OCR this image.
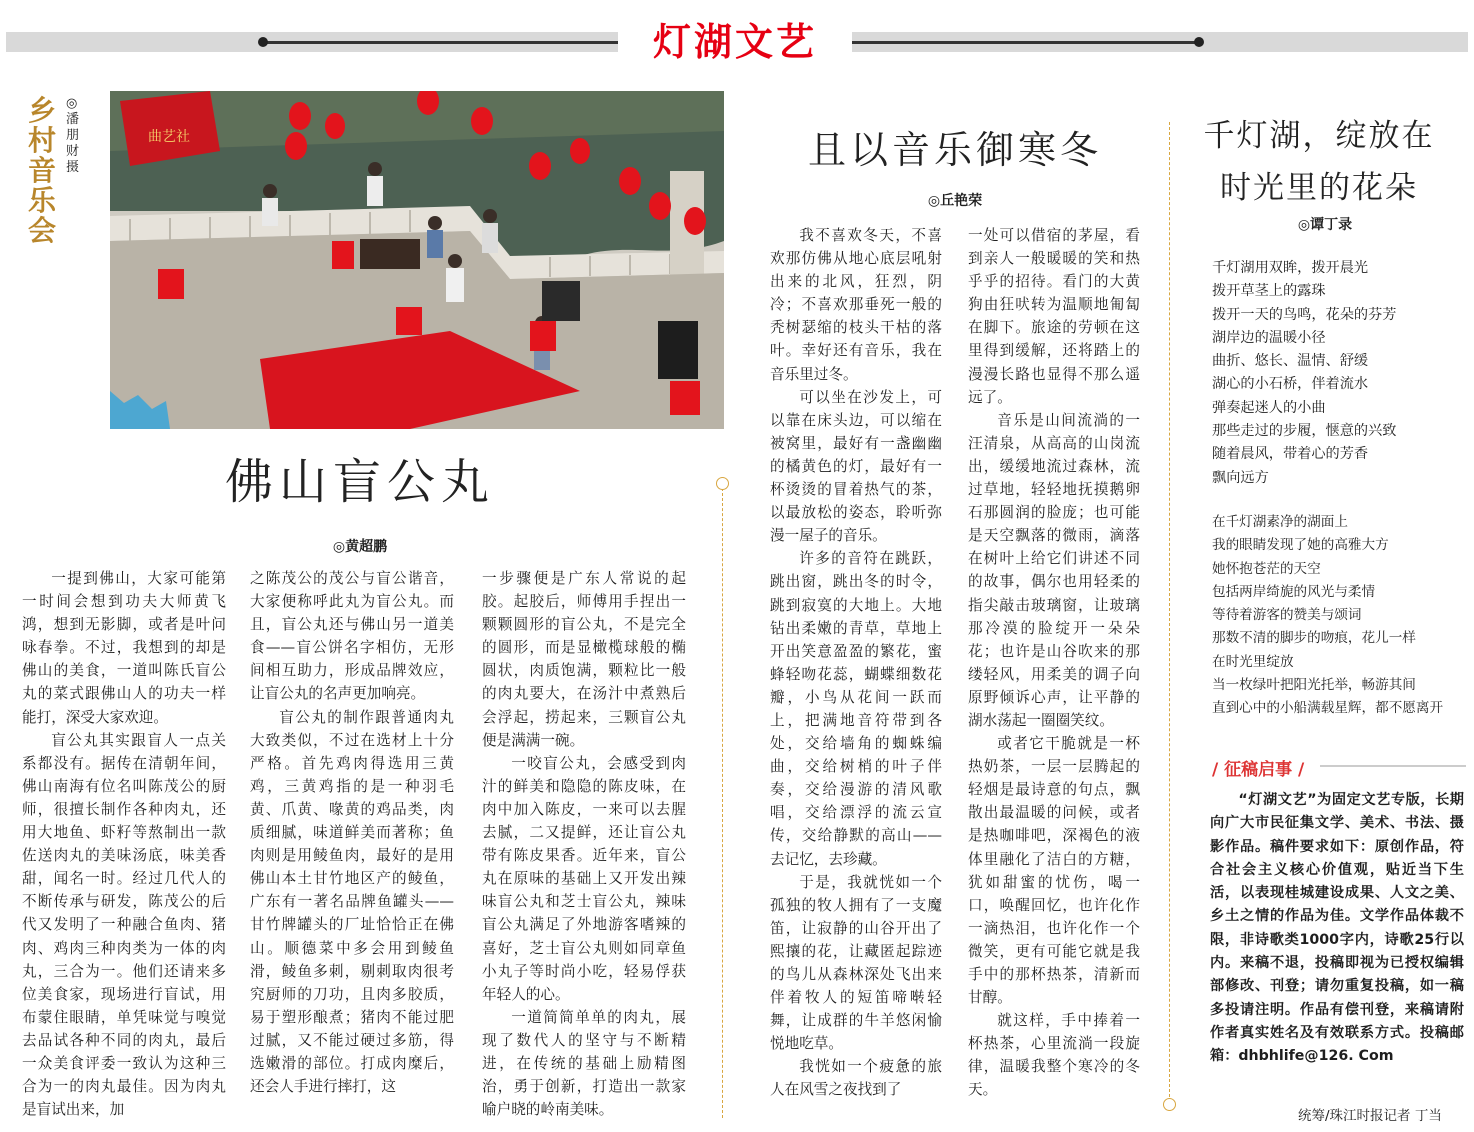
灯湖文艺
乡村音乐会
◎潘朋财 摄
曲艺社
佛山盲公丸
◎黄超鹏

一提到佛山，大家可能第一时间会想到功夫大师黄飞鸿，想到无影脚，或者是叶问咏春拳。不过，我想到的却是佛山的美食，一道叫陈氏盲公丸的菜式跟佛山人的功夫一样能打，深受大家欢迎。

盲公丸其实跟盲人一点关系都没有。据传在清朝年间，佛山南海有位名叫陈茂公的厨师，很擅长制作各种肉丸，还用大地鱼、虾籽等熬制出一款佐送肉丸的美味汤底，味美香甜，闻名一时。经过几代人的不断传承与研发，陈茂公的后代又发明了一种融合鱼肉、猪肉、鸡肉三种肉类为一体的肉丸，三合为一。他们还请来多位美食家，现场进行盲试，用布蒙住眼睛，单凭味觉与嗅觉去品试各种不同的肉丸，最后一众美食评委一致认为这种三合为一的肉丸最佳。因为肉丸是盲试出来，加

之陈茂公的茂公与盲公谐音，大家便称呼此丸为盲公丸。而且，盲公丸还与佛山另一道美食——盲公饼名字相仿，无形间相互助力，形成品牌效应，让盲公丸的名声更加响亮。

盲公丸的制作跟普通肉丸大致类似，不过在选材上十分严格。首先鸡肉得选用三黄鸡，三黄鸡指的是一种羽毛黄、爪黄、喙黄的鸡品类，肉质细腻，味道鲜美而著称；鱼肉则是用鲮鱼肉，最好的是用佛山本土甘竹地区产的鲮鱼，广东有一著名品牌鱼罐头——甘竹牌罐头的厂址恰恰正在佛山。顺德菜中多会用到鲮鱼滑，鲮鱼多刺，剔刺取肉很考究厨师的刀功，且肉多胶质，易于塑形酿煮；猪肉不能过肥过腻，又不能过硬过多筋，得选嫩滑的部位。打成肉糜后，还会人手进行摔打，这

一步骤便是广东人常说的起胶。起胶后，师傅用手捏出一颗颗圆形的盲公丸，不是完全的圆形，而是显橄榄球般的椭圆状，肉质饱满，颗粒比一般的肉丸要大，在汤汁中煮熟后会浮起，捞起来，三颗盲公丸便是满满一碗。

一咬盲公丸，会感受到肉汁的鲜美和隐隐的陈皮味，在肉中加入陈皮，一来可以去腥去腻，二又提鲜，还让盲公丸带有陈皮果香。近年来，盲公丸在原味的基础上又开发出辣味盲公丸和芝士盲公丸，辣味盲公丸满足了外地游客嗜辣的喜好，芝士盲公丸则如同章鱼小丸子等时尚小吃，轻易俘获年轻人的心。

一道简简单单的肉丸，展现了数代人的坚守与不断精进，在传统的基础上励精图治，勇于创新，打造出一款家喻户晓的岭南美味。

且以音乐御寒冬
◎丘艳荣

我不喜欢冬天，不喜欢那仿佛从地心底层吼射出来的北风，狂烈，阴冷；不喜欢那垂死一般的秃树瑟缩的枝头干枯的落叶。幸好还有音乐，我在音乐里过冬。

可以坐在沙发上，可以靠在床头边，可以缩在被窝里，最好有一盏幽幽的橘黄色的灯，最好有一杯烫烫的冒着热气的茶，以最放松的姿态，聆听弥漫一屋子的音乐。

许多的音符在跳跃，跳出窗，跳出冬的时令，跳到寂寞的大地上。大地钻出柔嫩的青草，草地上开出笑意盈盈的繁花，蜜蜂轻吻花蕊，蝴蝶细数花瓣，小鸟从花间一跃而上，把满地音符带到各处，交给墙角的蜘蛛编曲，交给树梢的叶子伴奏，交给漫游的清风歌唱，交给漂浮的流云宣传，交给静默的高山——去记忆，去珍藏。

于是，我就恍如一个孤独的牧人拥有了一支魔笛，让寂静的山谷开出了熙攘的花，让藏匿起踪迹的鸟儿从森林深处飞出来伴着牧人的短笛啼啭轻舞，让成群的牛羊悠闲愉悦地吃草。

我恍如一个疲惫的旅人在风雪之夜找到了

一处可以借宿的茅屋，看到亲人一般暖暖的笑和热乎乎的招待。看门的大黄狗由狂吠转为温顺地匍匐在脚下。旅途的劳顿在这里得到缓解，还将踏上的漫漫长路也显得不那么遥远了。

音乐是山间流淌的一汪清泉，从高高的山岗流出，缓缓地流过森林，流过草地，轻轻地抚摸鹅卵石那圆润的脸庞；也可能是天空飘落的微雨，滴落在树叶上给它们讲述不同的故事，偶尔也用轻柔的指尖敲击玻璃窗，让玻璃那冷漠的脸绽开一朵朵花；也许是山谷吹来的那缕轻风，用柔美的调子向原野倾诉心声，让平静的湖水荡起一圈圈笑纹。

或者它干脆就是一杯热奶茶，一层一层腾起的轻烟是最诗意的句点，飘散出最温暖的问候，或者是热咖啡吧，深褐色的液体里融化了洁白的方糖，犹如甜蜜的忧伤，喝一口，唤醒回忆，也许化作一滴热泪，也许化作一个微笑，更有可能它就是我手中的那杯热茶，清新而甘醇。

就这样，手中捧着一杯热茶，心里流淌一段旋律，温暖我整个寒冷的冬天。

千灯湖，绽放在
时光里的花朵
◎谭丁录
千灯湖用双眸，拨开晨光
拨开草茎上的露珠
拨开一天的鸟鸣，花朵的芬芳
湖岸边的温暖小径
曲折、悠长、温情、舒缓
湖心的小石桥，伴着流水
弹奏起迷人的小曲
那些走过的步履，惬意的兴致
随着晨风，带着心的芳香
飘向远方
在千灯湖素净的湖面上
我的眼睛发现了她的高雅大方
她怀抱苍茫的天空
包括两岸绮旎的风光与柔情
等待着游客的赞美与颂词
那数不清的脚步的吻痕，花儿一样
在时光里绽放
当一枚绿叶把阳光托举，畅游其间
直到心中的小船满载星辉，都不愿离开
/ 征稿启事 /
“灯湖文艺”为固定文艺专版，长期向广大市民征集文学、美术、书法、摄影作品。稿件要求如下：原创作品，符合社会主义核心价值观，贴近当下生活，以表现桂城建设成果、人文之美、乡土之情的作品为佳。文学作品体裁不限，非诗歌类1000字内，诗歌25行以内。来稿不退，投稿即视为已授权编辑部修改、刊登；请勿重复投稿，如一稿多投请注明。作品有偿刊登，来稿请附作者真实姓名及有效联系方式。投稿邮箱：dhbhlife@126. Com
统筹/珠江时报记者 丁当
